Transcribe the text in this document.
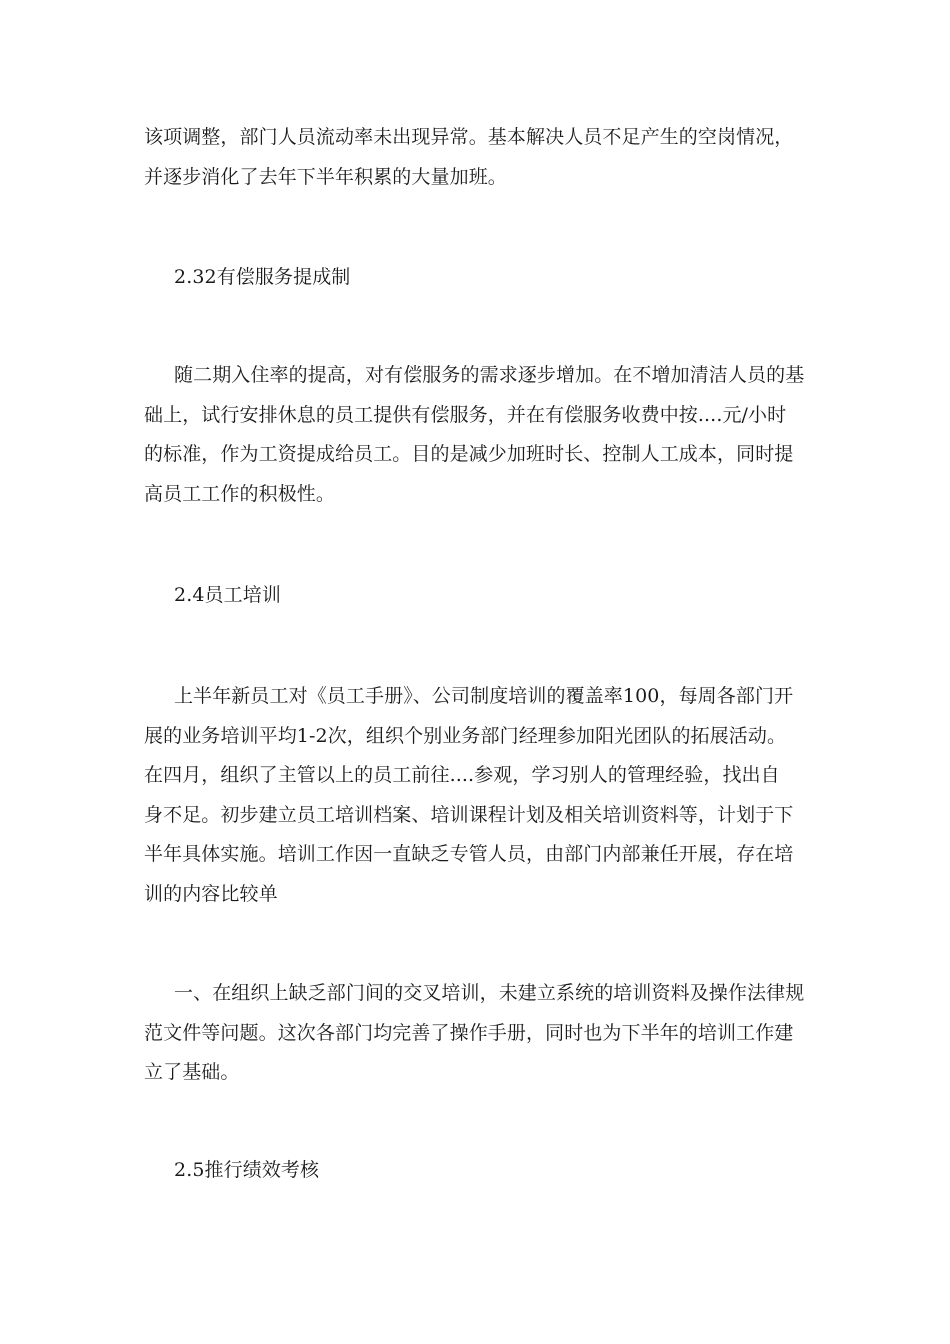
该项调整，部门人员流动率未出现异常。基本解决人员不足产生的空岗情况，
并逐步消化了去年下半年积累的大量加班。
2.32有偿服务提成制
随二期入住率的提高，对有偿服务的需求逐步增加。在不增加清洁人员的基
础上，试行安排休息的员工提供有偿服务，并在有偿服务收费中按....元/小时
的标准，作为工资提成给员工。目的是减少加班时长、控制人工成本，同时提
高员工工作的积极性。
2.4员工培训
上半年新员工对《员工手册》、公司制度培训的覆盖率100，每周各部门开
展的业务培训平均1-2次，组织个别业务部门经理参加阳光团队的拓展活动。
在四月，组织了主管以上的员工前往....参观，学习别人的管理经验，找出自
身不足。初步建立员工培训档案、培训课程计划及相关培训资料等，计划于下
半年具体实施。培训工作因一直缺乏专管人员，由部门内部兼任开展，存在培
训的内容比较单
一、在组织上缺乏部门间的交叉培训，未建立系统的培训资料及操作法律规
范文件等问题。这次各部门均完善了操作手册，同时也为下半年的培训工作建
立了基础。
2.5推行绩效考核
